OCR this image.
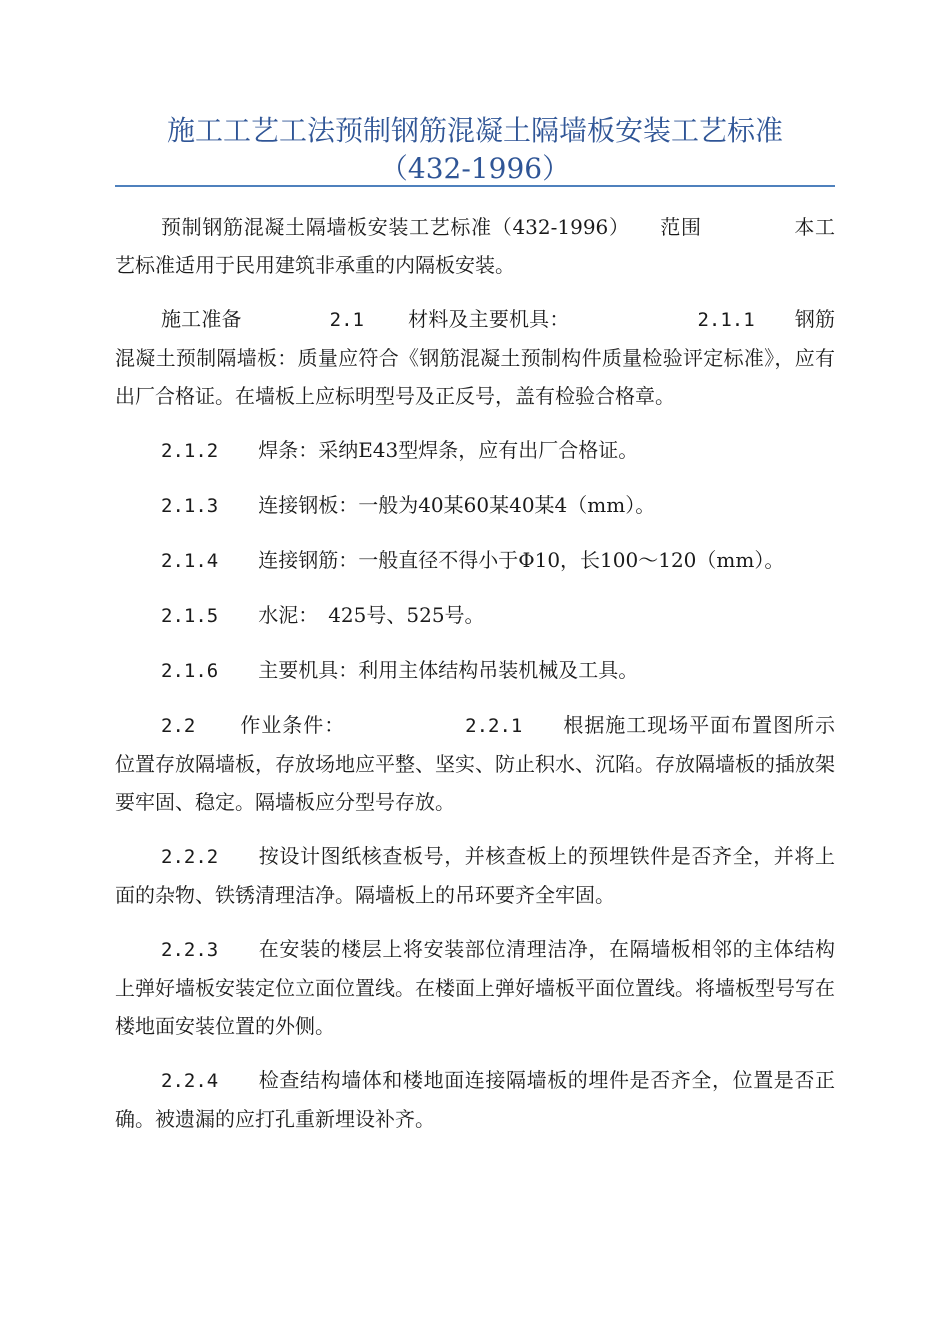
施工工艺工法预制钢筋混凝土隔墙板安装工艺标准
（432-1996）

预制钢筋混凝土隔墙板安装工艺标准（432-1996） 范围	本工艺标准适用于民用建筑非承重的内隔板安装。

施工准备	2.1 材料及主要机具：	2.1.1 钢筋混凝土预制隔墙板：质量应符合《钢筋混凝土预制构件质量检验评定标准》，应有出厂合格证。在墙板上应标明型号及正反号，盖有检验合格章。

2.1.2 焊条：采纳E43型焊条，应有出厂合格证。

2.1.3 连接钢板：一般为40某60某40某4（mm）。

2.1.4 连接钢筋：一般直径不得小于Φ10，长100～120（mm）。

2.1.5 水泥：　425号、525号。

2.1.6 主要机具：利用主体结构吊装机械及工具。

2.2 作业条件：	2.2.1 根据施工现场平面布置图所示位置存放隔墙板，存放场地应平整、坚实、防止积水、沉陷。存放隔墙板的插放架要牢固、稳定。隔墙板应分型号存放。

2.2.2 按设计图纸核查板号，并核查板上的预埋铁件是否齐全，并将上面的杂物、铁锈清理洁净。隔墙板上的吊环要齐全牢固。

2.2.3 在安装的楼层上将安装部位清理洁净，在隔墙板相邻的主体结构上弹好墙板安装定位立面位置线。在楼面上弹好墙板平面位置线。将墙板型号写在楼地面安装位置的外侧。

2.2.4 检查结构墙体和楼地面连接隔墙板的埋件是否齐全，位置是否正确。被遗漏的应打孔重新埋设补齐。
